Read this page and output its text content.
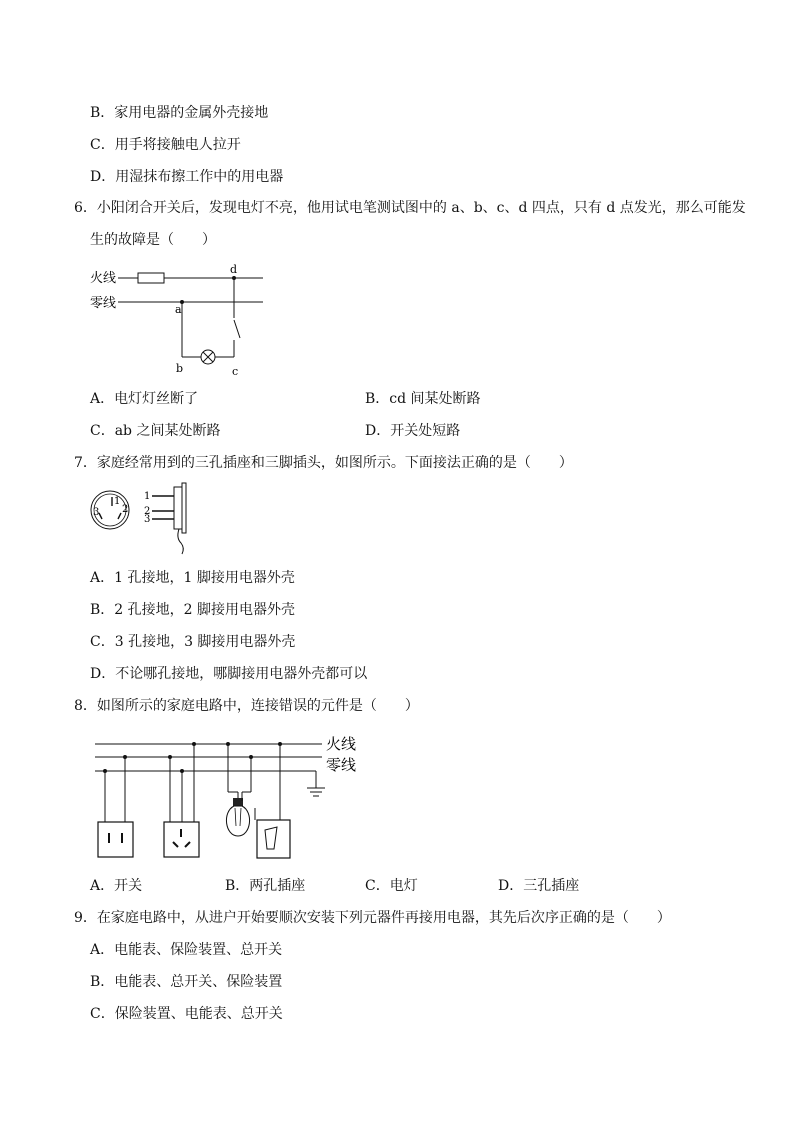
B．家用电器的金属外壳接地
C．用手将接触电人拉开
D．用湿抹布擦工作中的用电器
6．小阳闭合开关后，发现电灯不亮，他用试电笔测试图中的 a、b、c、d 四点，只有 d 点发光，那么可能发
生的故障是（　　）
火线
零线
d
a
b	c
A．电灯灯丝断了	B．cd 间某处断路
C．ab 之间某处断路	D．开关处短路
7．家庭经常用到的三孔插座和三脚插头，如图所示。下面接法正确的是（　　）
1
3 2
1
2
3
A．1 孔接地，1 脚接用电器外壳
B．2 孔接地，2 脚接用电器外壳
C．3 孔接地，3 脚接用电器外壳
D．不论哪孔接地，哪脚接用电器外壳都可以
8．如图所示的家庭电路中，连接错误的元件是（　　）
火线
零线
A．开关	B．两孔插座	C．电灯	D．三孔插座
9．在家庭电路中，从进户开始要顺次安装下列元器件再接用电器，其先后次序正确的是（　　）
A．电能表、保险装置、总开关
B．电能表、总开关、保险装置
C．保险装置、电能表、总开关
